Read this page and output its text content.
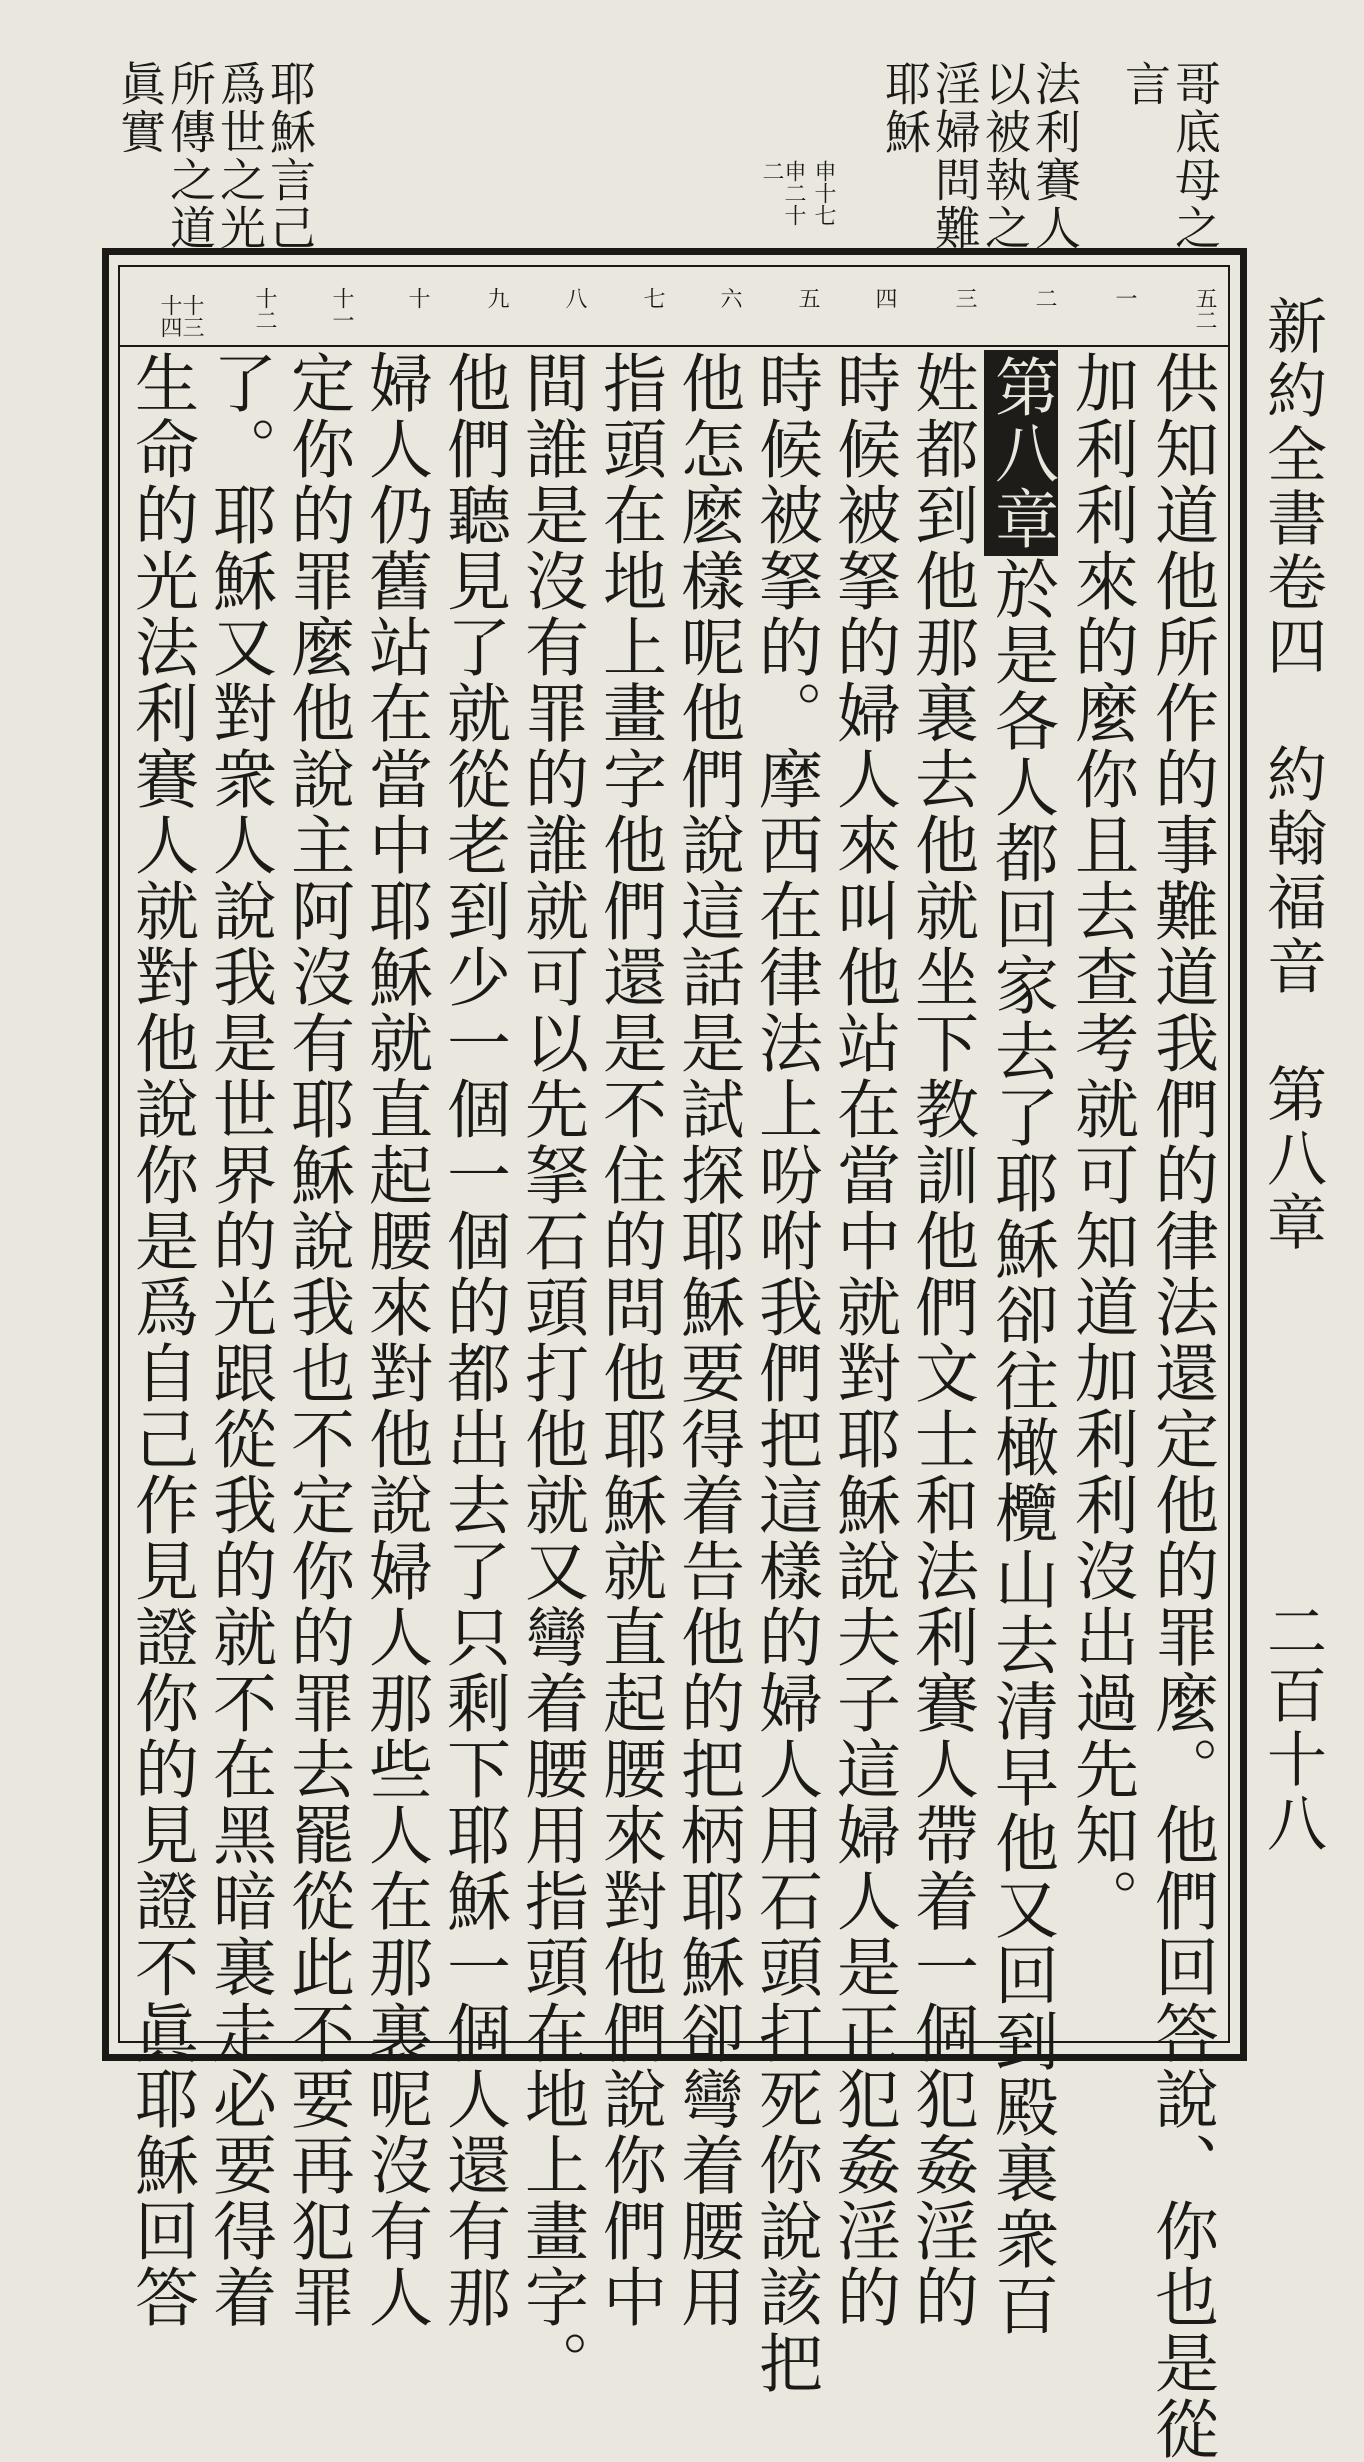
新約全書卷四　約翰福音　第八章
二百十八
哥底母之
言
法利賽人
以被執之
淫婦問難
耶穌
耶穌言己
爲世之光
所傳之道
眞實
申十七
申二十二
五二
一
二
三
四
五
六
七
八
九
十
十一
十二
十三 十四
供知道他所作的事難道我們的律法還定他的罪麼。他們回答說、你也是從
加利利來的麼你且去查考就可知道加利利沒出過先知。
第八章於是各人都回家去了耶穌卻往橄欖山去清早他又回到殿裏衆百
姓都到他那裏去他就坐下教訓他們文士和法利賽人帶着一個犯姦淫的
時候被拏的婦人來叫他站在當中就對耶穌說夫子這婦人是正犯姦淫的
時候被拏的。摩西在律法上吩咐我們把這樣的婦人用石頭打死你說該把
他怎麽樣呢他們說這話是試探耶穌要得着告他的把柄耶穌卻彎着腰用
指頭在地上畫字他們還是不住的問他耶穌就直起腰來對他們說你們中
間誰是沒有罪的誰就可以先拏石頭打他就又彎着腰用指頭在地上畫字。
他們聽見了就從老到少一個一個的都出去了只剩下耶穌一個人還有那
婦人仍舊站在當中耶穌就直起腰來對他說婦人那些人在那裏呢沒有人
定你的罪麼他說主阿沒有耶穌說我也不定你的罪去罷從此不要再犯罪
了。耶穌又對衆人說我是世界的光跟從我的就不在黑暗裏走必要得着
生命的光法利賽人就對他說你是爲自己作見證你的見證不眞耶穌回答
